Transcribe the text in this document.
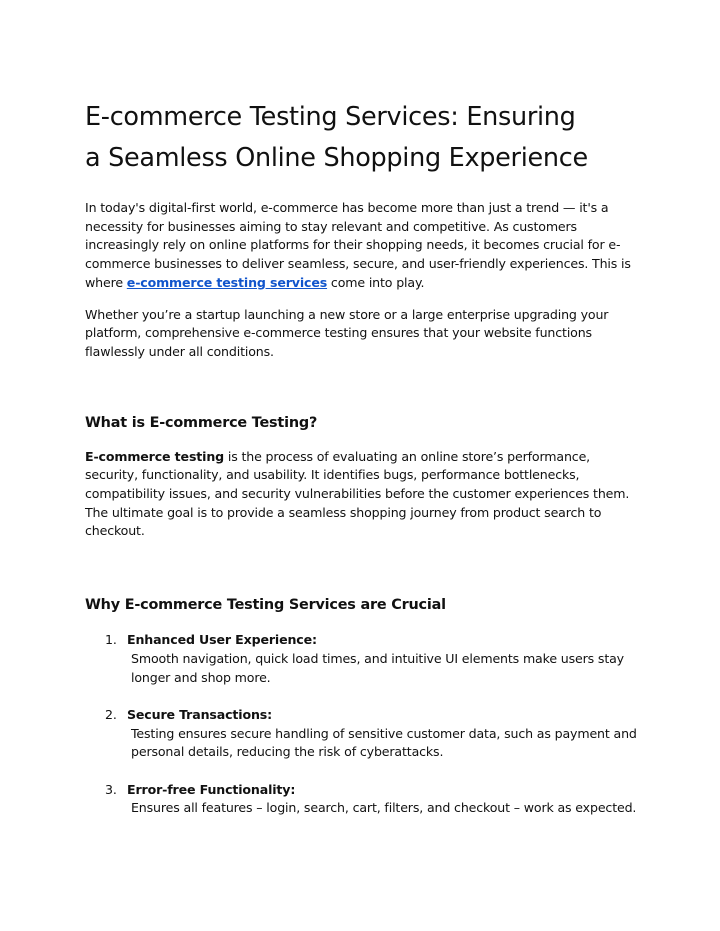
E-commerce Testing Services: Ensuring
a Seamless Online Shopping Experience

In today's digital-first world, e-commerce has become more than just a trend — it's a necessity for businesses aiming to stay relevant and competitive. As customers increasingly rely on online platforms for their shopping needs, it becomes crucial for e-commerce businesses to deliver seamless, secure, and user-friendly experiences. This is where e-commerce testing services come into play.

Whether you’re a startup launching a new store or a large enterprise upgrading your platform, comprehensive e-commerce testing ensures that your website functions flawlessly under all conditions.

What is E-commerce Testing?

E-commerce testing is the process of evaluating an online store’s performance, security, functionality, and usability. It identifies bugs, performance bottlenecks, compatibility issues, and security vulnerabilities before the customer experiences them. The ultimate goal is to provide a seamless shopping journey from product search to checkout.

Why E-commerce Testing Services are Crucial
1. Enhanced User Experience:
Smooth navigation, quick load times, and intuitive UI elements make users stay longer and shop more.
2. Secure Transactions:
Testing ensures secure handling of sensitive customer data, such as payment and personal details, reducing the risk of cyberattacks.
3. Error-free Functionality:
Ensures all features – login, search, cart, filters, and checkout – work as expected.
